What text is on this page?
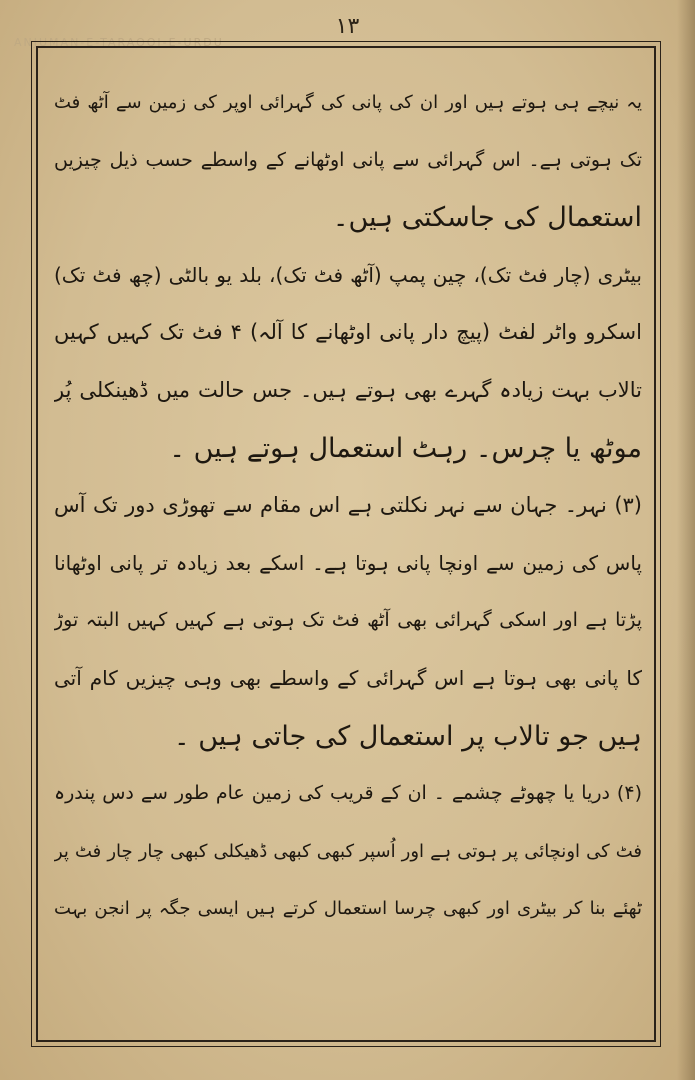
۱۳
ANJUMAN-E-TARAQQI-E-URDU
یہ نیچے ہی ہوتے ہیں اور ان کی پانی کی گہرائی اوپر کی زمین سے آٹھ فٹ
تک ہوتی ہے۔ اس گہرائی سے پانی اوٹھانے کے واسطے حسب ذیل چیزیں
استعمال کی جاسکتی ہیں۔
بیٹری (چار فٹ تک)، چین پمپ (آٹھ فٹ تک)، بلد یو بالٹی (چھ فٹ تک)
اسکرو واٹر لفٹ (پیچ دار پانی اوٹھانے کا آلہ) ۴ فٹ تک کہیں کہیں
تالاب بہت زیادہ گہرے بھی ہوتے ہیں۔ جس حالت میں ڈھینکلی پُر
موٹھ یا چرس۔ رہٹ استعمال ہوتے ہیں ۔
(۳) نہر۔ جہان سے نہر نکلتی ہے اس مقام سے تھوڑی دور تک آس
پاس کی زمین سے اونچا پانی ہوتا ہے۔ اسکے بعد زیادہ تر پانی اوٹھانا
پڑتا ہے اور اسکی گہرائی بھی آٹھ فٹ تک ہوتی ہے کہیں کہیں البتہ توڑ
کا پانی بھی ہوتا ہے اس گہرائی کے واسطے بھی وہی چیزیں کام آتی
ہیں جو تالاب پر استعمال کی جاتی ہیں ۔
(۴) دریا یا چھوٹے چشمے ۔ ان کے قریب کی زمین عام طور سے دس پندرہ
فٹ کی اونچائی پر ہوتی ہے اور اُسپر کبھی کبھی ڈھیکلی کبھی چار چار فٹ پر
ٹھئے بنا کر بیٹری اور کبھی چرسا استعمال کرتے ہیں ایسی جگہ پر انجن بہت
